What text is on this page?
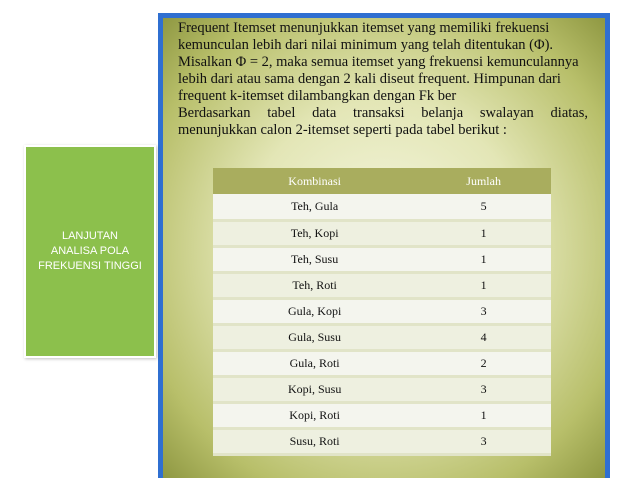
LANJUTAN
ANALISA POLA
FREKUENSI TINGGI

Frequent Itemset menunjukkan itemset yang memiliki frekuensi kemunculan lebih dari nilai minimum yang telah ditentukan (Φ).

Misalkan Φ = 2, maka semua itemset yang frekuensi kemunculannya lebih dari atau sama dengan 2 kali diseut frequent. Himpunan dari frequent k-itemset dilambangkan dengan Fk ber

Berdasarkan tabel data transaksi belanja swalayan diatas, menunjukkan calon 2-itemset seperti pada tabel berikut :

Kombinasi	Jumlah
Teh, Gula	5
Teh, Kopi	1
Teh, Susu	1
Teh, Roti	1
Gula, Kopi	3
Gula, Susu	4
Gula, Roti	2
Kopi, Susu	3
Kopi, Roti	1
Susu, Roti	3
